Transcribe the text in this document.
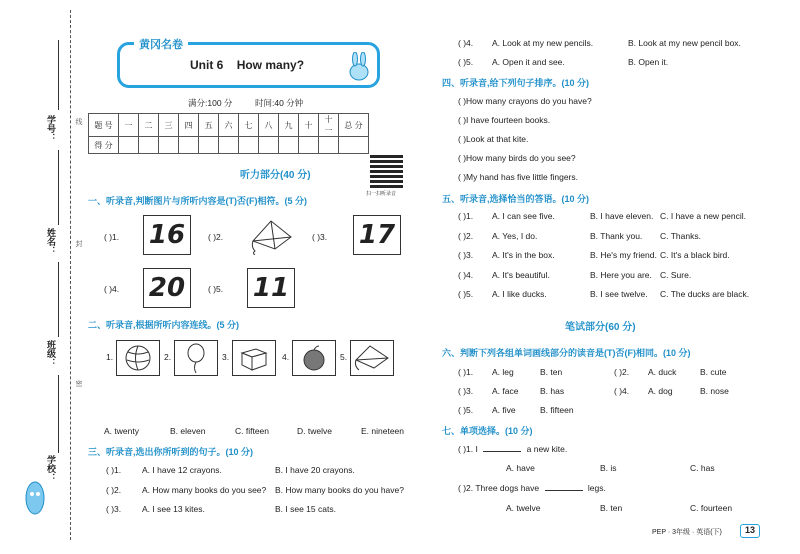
学号：
姓名：
班级：
学校：
线
封
密
黄冈名卷
Unit 6 How many?
满分:100 分	时间:40 分钟
题 号	一	二	三	四	五	六	七	八	九	十	十一	总 分
得 分												
扫一扫听录音
听力部分(40 分)
一、听录音,判断图片与所听内容是(T)否(F)相符。(5 分)
( )1. 16	( )2.	( )3. 17
( )4. 20	( )5. 11
二、听录音,根据所听内容连线。(5 分)
1.	2.	3.	4.	5.
A. twenty	B. eleven	C. fifteen	D. twelve	E. nineteen
三、听录音,选出你所听到的句子。(10 分)
( )1. A. I have 12 crayons.	B. I have 20 crayons.
( )2. A. How many books do you see? B. How many books do you have?
( )3. A. I see 13 kites.	B. I see 15 cats.
( )4. A. Look at my new pencils.	B. Look at my new pencil box.
( )5. A. Open it and see.	B. Open it.
四、听录音,给下列句子排序。(10 分)
( )How many crayons do you have?
( )I have fourteen books.
( )Look at that kite.
( )How many birds do you see?
( )My hand has five little fingers.
五、听录音,选择恰当的答语。(10 分)
笔试部分(60 分)
六、判断下列各组单词画线部分的读音是(T)否(F)相同。(10 分)
( )1. A. leg	B. ten	( )2. A. duck	B. cute
( )3. A. face	B. has	( )4. A. dog	B. nose
( )5. A. five	B. fifteen
七、单项选择。(10 分)
( )1. I	a new kite.
A. have	B. is	C. has
( )2. Three dogs have	legs.
A. twelve	B. ten	C. fourteen
PEP · 3年级 · 英语(下)	13
( )1. A. I can see five.	B. I have eleven. C. I have a new pencil.
( )2. A. Yes, I do.	B. Thank you. C. Thanks.
( )3. A. It's in the box.	B. He's my friend. C. It's a black bird.
( )4. A. It's beautiful.	B. Here you are. C. Sure.
( )5. A. I like ducks.	B. I see twelve. C. The ducks are black.
